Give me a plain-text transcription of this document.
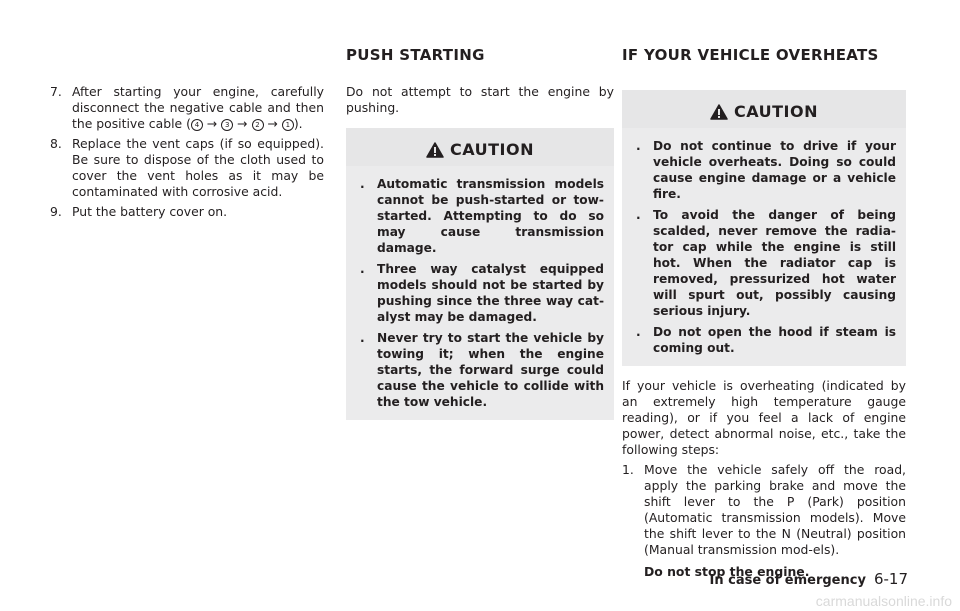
PUSH STARTING	IF YOUR VEHICLE OVERHEATS
7. After starting your engine, carefully disconnect the negative cable and then the positive cable ( 4 → 3 → 2 → 1 ).
8. Replace the vent caps (if so equipped). Be sure to dispose of the cloth used to cover the vent holes as it may be contaminated with corrosive acid.
9. Put the battery cover on.
Do not attempt to start the engine by pushing.
CAUTION
. Automatic transmission models cannot be push-started or tow-started. Attempting to do so may cause transmission damage.
. Three way catalyst equipped models should not be started by pushing since the three way cat-alyst may be damaged.
. Never try to start the vehicle by towing it; when the engine starts, the forward surge could cause the vehicle to collide with the tow vehicle.
CAUTION
. Do not continue to drive if your vehicle overheats. Doing so could cause engine damage or a vehicle fire.
. To avoid the danger of being scalded, never remove the radia-tor cap while the engine is still hot. When the radiator cap is removed, pressurized hot water will spurt out, possibly causing serious injury.
. Do not open the hood if steam is coming out.
If your vehicle is overheating (indicated by an extremely high temperature gauge reading), or if you feel a lack of engine power, detect abnormal noise, etc., take the following steps:
1. Move the vehicle safely off the road, apply the parking brake and move the shift lever to the P (Park) position (Automatic transmission models). Move the shift lever to the N (Neutral) position (Manual transmission mod-els).
Do not stop the engine.
In case of emergency 6-17
carmanualsonline.info
